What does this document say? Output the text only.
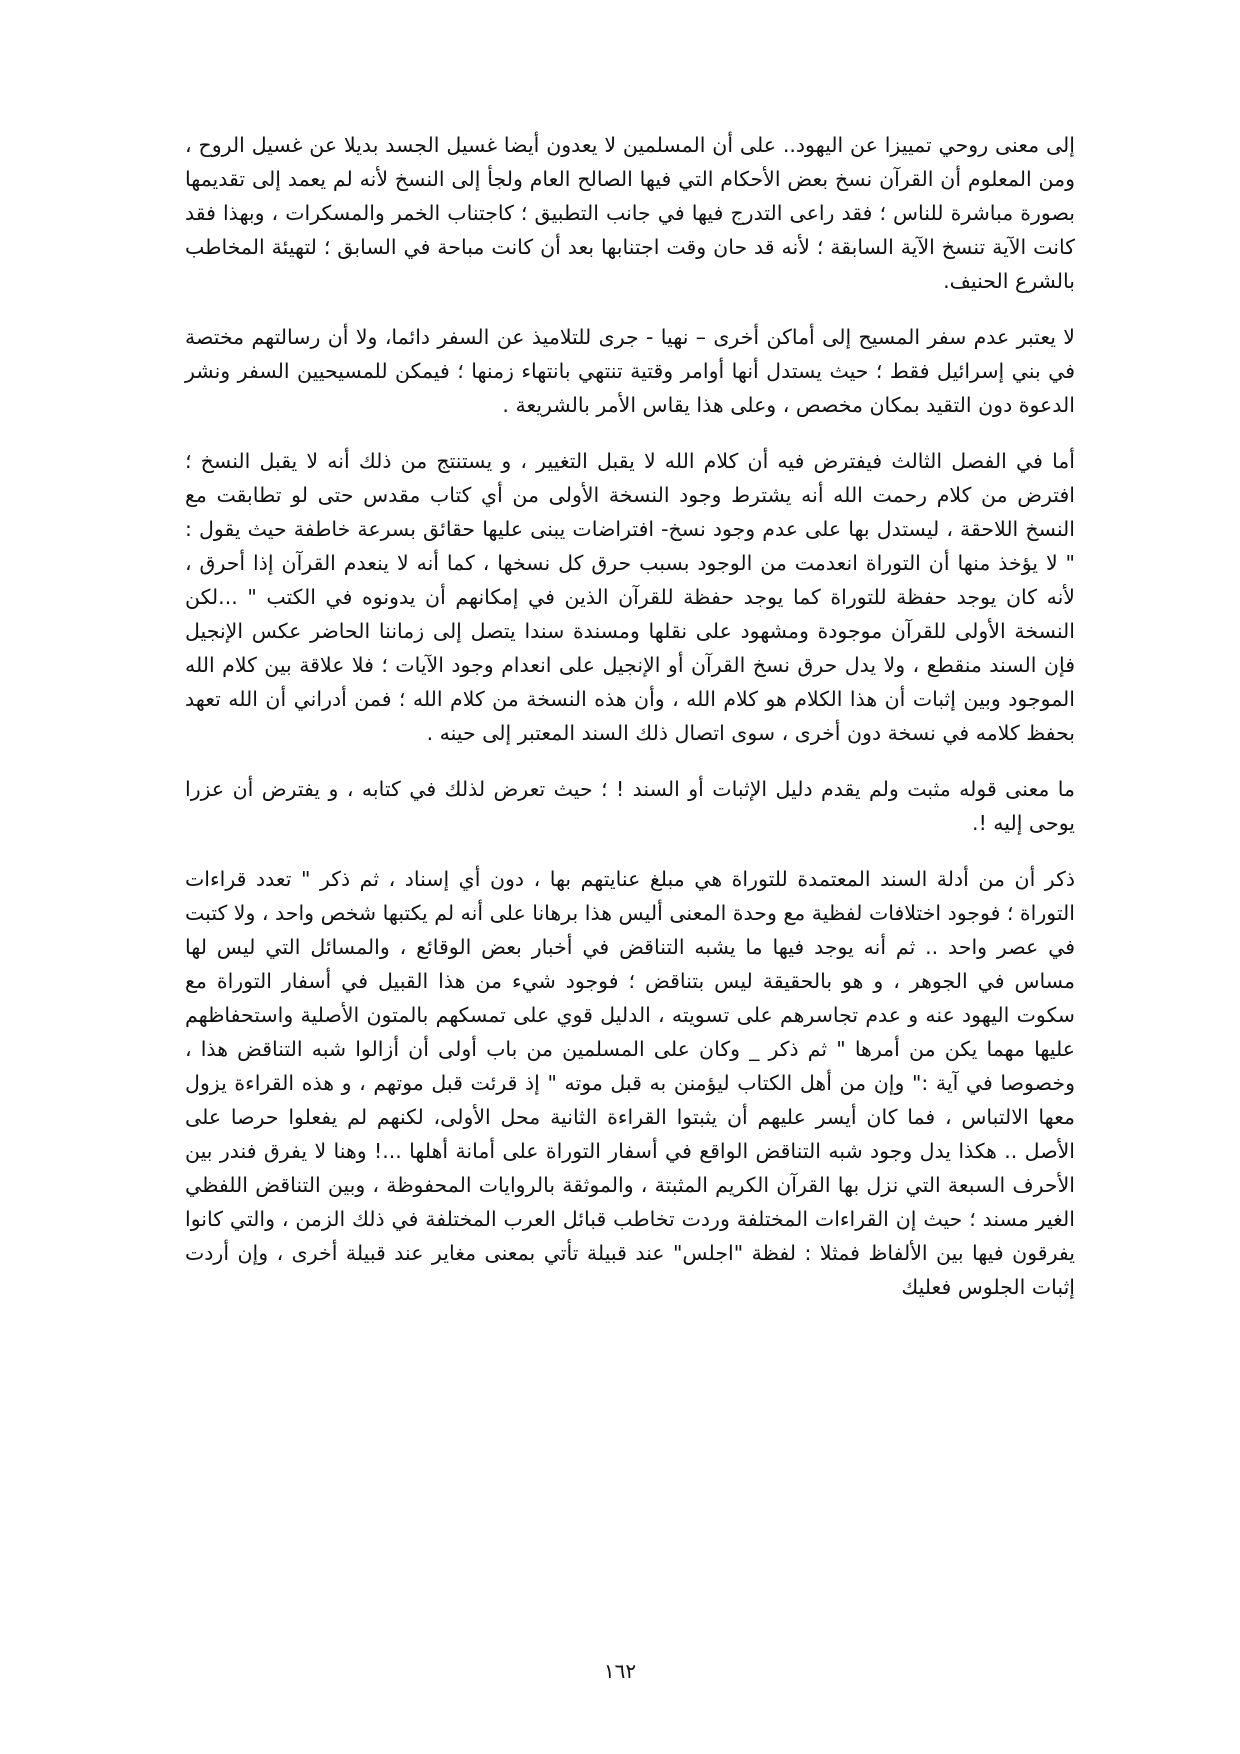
إلى معنى روحي تمييزا عن اليهود.. على أن المسلمين لا يعدون أيضا غسيل الجسد بديلا عن غسيل الروح ، ومن المعلوم أن القرآن نسخ بعض الأحكام التي فيها الصالح العام ولجأ إلى النسخ لأنه لم يعمد إلى تقديمها بصورة مباشرة للناس ؛ فقد راعى التدرج فيها في جانب التطبيق ؛ كاجتناب الخمر والمسكرات ، وبهذا فقد كانت الآية تنسخ الآية السابقة ؛ لأنه قد حان وقت اجتنابها بعد أن كانت مباحة في السابق ؛ لتهيئة المخاطب بالشرع الحنيف.

لا يعتبر عدم سفر المسيح إلى أماكن أخرى – نهيا - جرى للتلاميذ عن السفر دائما، ولا أن رسالتهم مختصة في بني إسرائيل فقط ؛ حيث يستدل أنها أوامر وقتية تنتهي بانتهاء زمنها ؛ فيمكن للمسيحيين السفر ونشر الدعوة دون التقيد بمكان مخصص ، وعلى هذا يقاس الأمر بالشريعة .

أما في الفصل الثالث فيفترض فيه أن كلام الله لا يقبل التغيير ، و يستنتج من ذلك أنه لا يقبل النسخ ؛ افترض من كلام رحمت الله أنه يشترط وجود النسخة الأولى من أي كتاب مقدس حتى لو تطابقت مع النسخ اللاحقة ، ليستدل بها على عدم وجود نسخ- افتراضات يبنى عليها حقائق بسرعة خاطفة حيث يقول : " لا يؤخذ منها أن التوراة انعدمت من الوجود بسبب حرق كل نسخها ، كما أنه لا ينعدم القرآن إذا أحرق ، لأنه كان يوجد حفظة للتوراة كما يوجد حفظة للقرآن الذين في إمكانهم أن يدونوه في الكتب " ...لكن النسخة الأولى للقرآن موجودة ومشهود على نقلها ومسندة سندا يتصل إلى زماننا الحاضر عكس الإنجيل فإن السند منقطع ، ولا يدل حرق نسخ القرآن أو الإنجيل على انعدام وجود الآيات ؛ فلا علاقة بين كلام الله الموجود وبين إثبات أن هذا الكلام هو كلام الله ، وأن هذه النسخة من كلام الله ؛ فمن أدراني أن الله تعهد بحفظ كلامه في نسخة دون أخرى ، سوى اتصال ذلك السند المعتبر إلى حينه .

ما معنى قوله مثبت ولم يقدم دليل الإثبات أو السند ! ؛ حيث تعرض لذلك في كتابه ، و يفترض أن عزرا يوحى إليه !.

ذكر أن من أدلة السند المعتمدة للتوراة هي مبلغ عنايتهم بها ، دون أي إسناد ، ثم ذكر " تعدد قراءات التوراة ؛ فوجود اختلافات لفظية مع وحدة المعنى أليس هذا برهانا على أنه لم يكتبها شخص واحد ، ولا كتبت في عصر واحد .. ثم أنه يوجد فيها ما يشبه التناقض في أخبار بعض الوقائع ، والمسائل التي ليس لها مساس في الجوهر ، و هو بالحقيقة ليس بتناقض ؛ فوجود شيء من هذا القبيل في أسفار التوراة مع سكوت اليهود عنه و عدم تجاسرهم على تسويته ، الدليل قوي على تمسكهم بالمتون الأصلية واستحفاظهم عليها مهما يكن من أمرها " ثم ذكر _ وكان على المسلمين من باب أولى أن أزالوا شبه التناقض هذا ، وخصوصا في آية :" وإن من أهل الكتاب ليؤمنن به قبل موته " إذ قرئت قبل موتهم ، و هذه القراءة يزول معها الالتباس ، فما كان أيسر عليهم أن يثبتوا القراءة الثانية محل الأولى، لكنهم لم يفعلوا حرصا على الأصل .. هكذا يدل وجود شبه التناقض الواقع في أسفار التوراة على أمانة أهلها ...! وهنا لا يفرق فندر بين الأحرف السبعة التي نزل بها القرآن الكريم المثبتة ، والموثقة بالروايات المحفوظة ، وبين التناقض اللفظي الغير مسند ؛ حيث إن القراءات المختلفة وردت تخاطب قبائل العرب المختلفة في ذلك الزمن ، والتي كانوا يفرقون فيها بين الألفاظ فمثلا : لفظة "اجلس" عند قبيلة تأتي بمعنى مغاير عند قبيلة أخرى ، وإن أردت إثبات الجلوس فعليك

١٦٢
